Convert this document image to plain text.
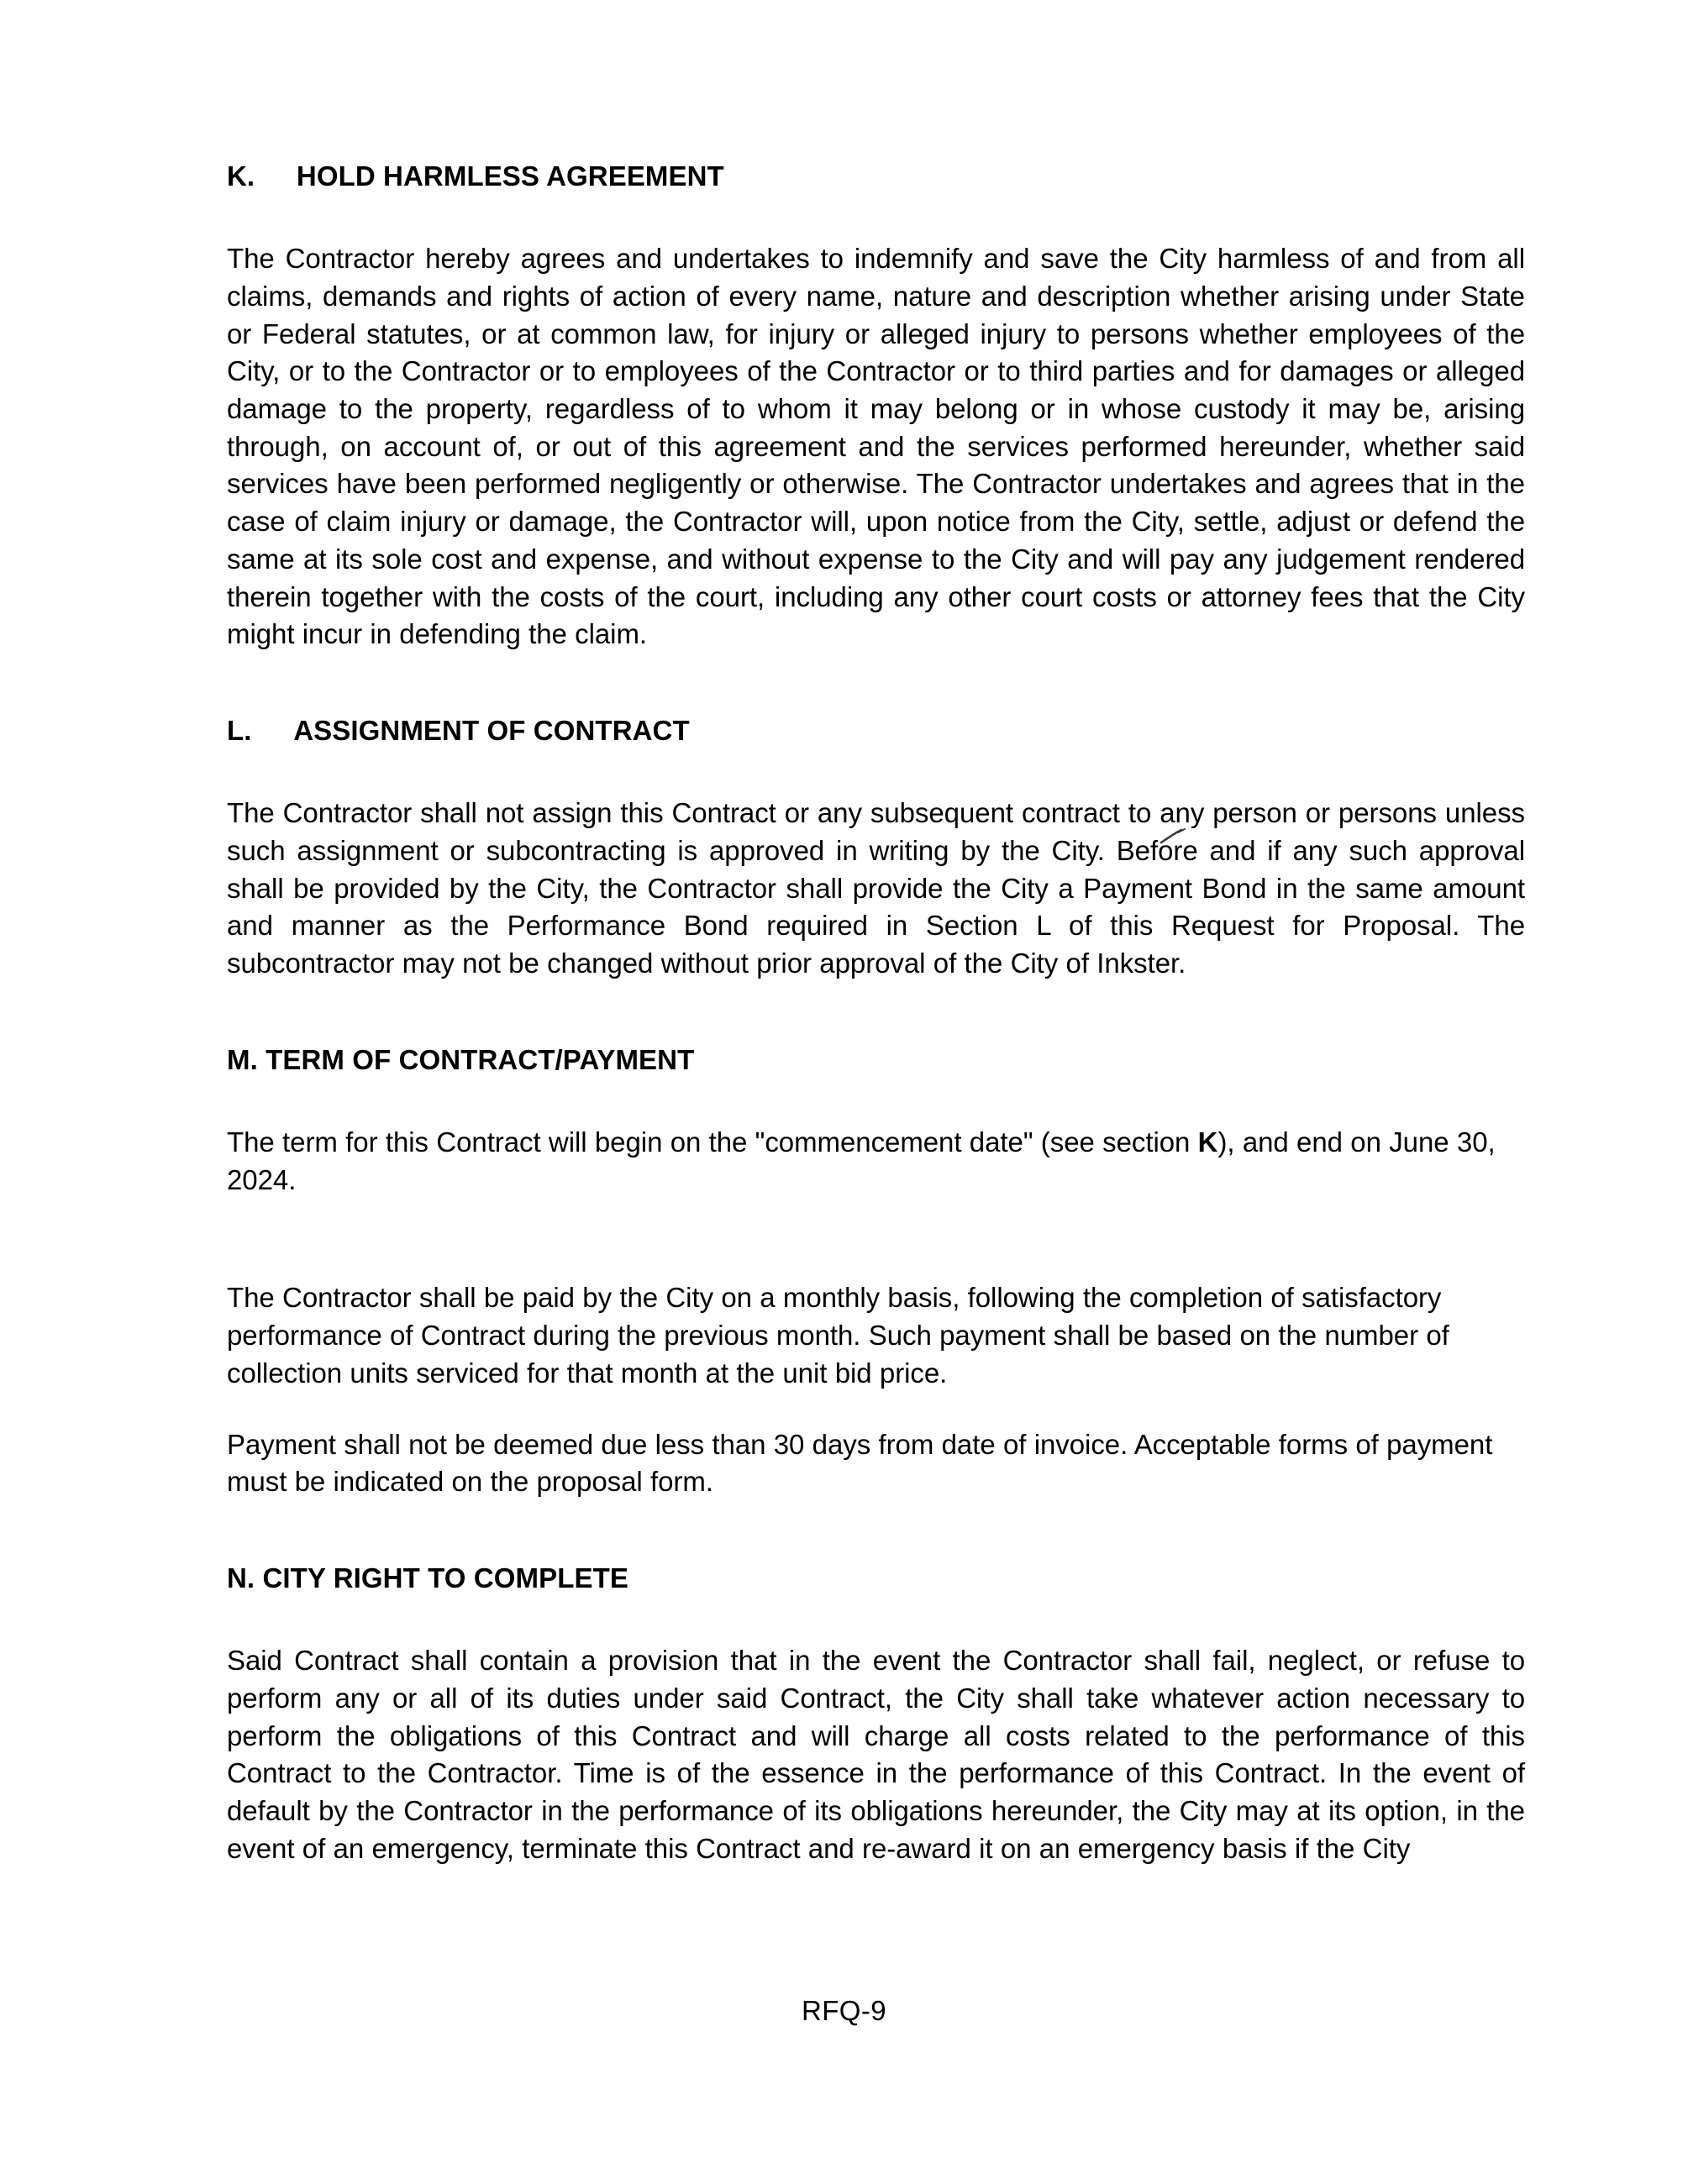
K.  HOLD HARMLESS AGREEMENT

The Contractor hereby agrees and undertakes to indemnify and save the City harmless of and from all claims, demands and rights of action of every name, nature and description whether arising under State or Federal statutes, or at common law, for injury or alleged injury to persons whether employees of the City, or to the Contractor or to employees of the Contractor or to third parties and for damages or alleged damage to the property, regardless of to whom it may belong or in whose custody it may be, arising through, on account of, or out of this agreement and the services performed hereunder, whether said services have been performed negligently or otherwise. The Contractor undertakes and agrees that in the case of claim injury or damage, the Contractor will, upon notice from the City, settle, adjust or defend the same at its sole cost and expense, and without expense to the City and will pay any judgement rendered therein together with the costs of the court, including any other court costs or attorney fees that the City might incur in defending the claim.

L.  ASSIGNMENT OF CONTRACT

The Contractor shall not assign this Contract or any subsequent contract to any person or persons unless such assignment or subcontracting is approved in writing by the City. Before and if any such approval shall be provided by the City, the Contractor shall provide the City a Payment Bond in the same amount and manner as the Performance Bond required in Section L of this Request for Proposal. The subcontractor may not be changed without prior approval of the City of Inkster.

M. TERM OF CONTRACT/PAYMENT

The term for this Contract will begin on the "commencement date" (see section K), and end on June 30, 2024.

The Contractor shall be paid by the City on a monthly basis, following the completion of satisfactory performance of Contract during the previous month. Such payment shall be based on the number of collection units serviced for that month at the unit bid price.

Payment shall not be deemed due less than 30 days from date of invoice. Acceptable forms of payment must be indicated on the proposal form.

N. CITY RIGHT TO COMPLETE

Said Contract shall contain a provision that in the event the Contractor shall fail, neglect, or refuse to perform any or all of its duties under said Contract, the City shall take whatever action necessary to perform the obligations of this Contract and will charge all costs related to the performance of this Contract to the Contractor. Time is of the essence in the performance of this Contract. In the event of default by the Contractor in the performance of its obligations hereunder, the City may at its option, in the event of an emergency, terminate this Contract and re-award it on an emergency basis if the City

RFQ-9
